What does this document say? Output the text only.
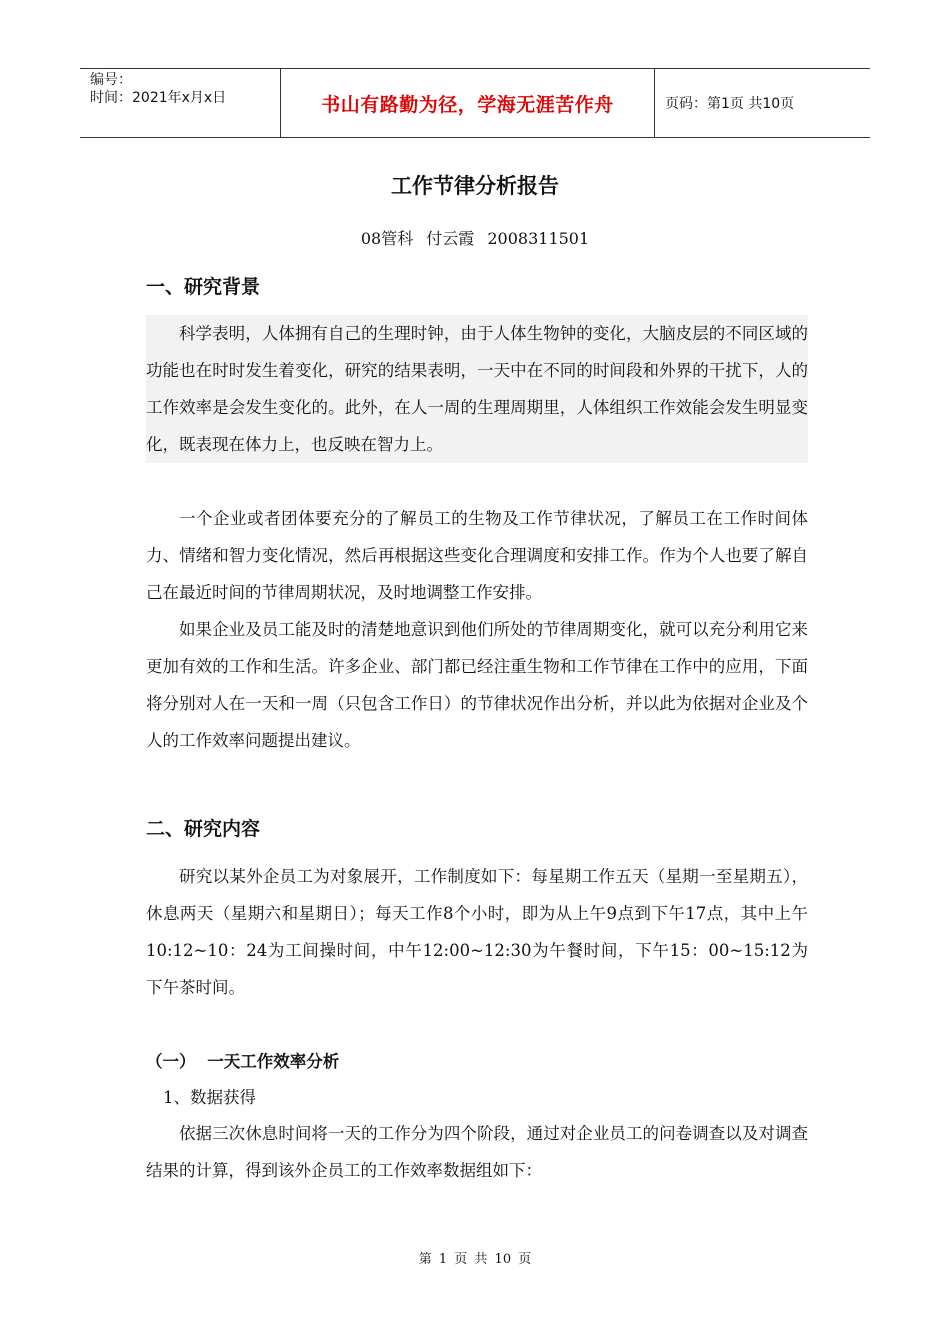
编号：
时间：2021年x月x日	书山有路勤为径，学海无涯苦作舟	页码：第1页 共10页
工作节律分析报告
08管科 付云霞 2008311501
一、研究背景

科学表明，人体拥有自己的生理时钟，由于人体生物钟的变化，大脑皮层的不同区域的功能也在时时发生着变化，研究的结果表明，一天中在不同的时间段和外界的干扰下，人的工作效率是会发生变化的。此外，在人一周的生理周期里，人体组织工作效能会发生明显变化，既表现在体力上，也反映在智力上。

一个企业或者团体要充分的了解员工的生物及工作节律状况，了解员工在工作时间体力、情绪和智力变化情况，然后再根据这些变化合理调度和安排工作。作为个人也要了解自己在最近时间的节律周期状况，及时地调整工作安排。

如果企业及员工能及时的清楚地意识到他们所处的节律周期变化，就可以充分利用它来更加有效的工作和生活。许多企业、部门都已经注重生物和工作节律在工作中的应用，下面将分别对人在一天和一周（只包含工作日）的节律状况作出分析，并以此为依据对企业及个人的工作效率问题提出建议。

二、研究内容

研究以某外企员工为对象展开，工作制度如下：每星期工作五天（星期一至星期五），休息两天（星期六和星期日）；每天工作8个小时，即为从上午9点到下午17点，其中上午10:12~10：24为工间操时间，中午12:00~12:30为午餐时间，下午15：00~15:12为下午茶时间。

（一） 一天工作效率分析
1、数据获得

依据三次休息时间将一天的工作分为四个阶段，通过对企业员工的问卷调查以及对调查结果的计算，得到该外企员工的工作效率数据组如下：

第 1 页 共 10 页
